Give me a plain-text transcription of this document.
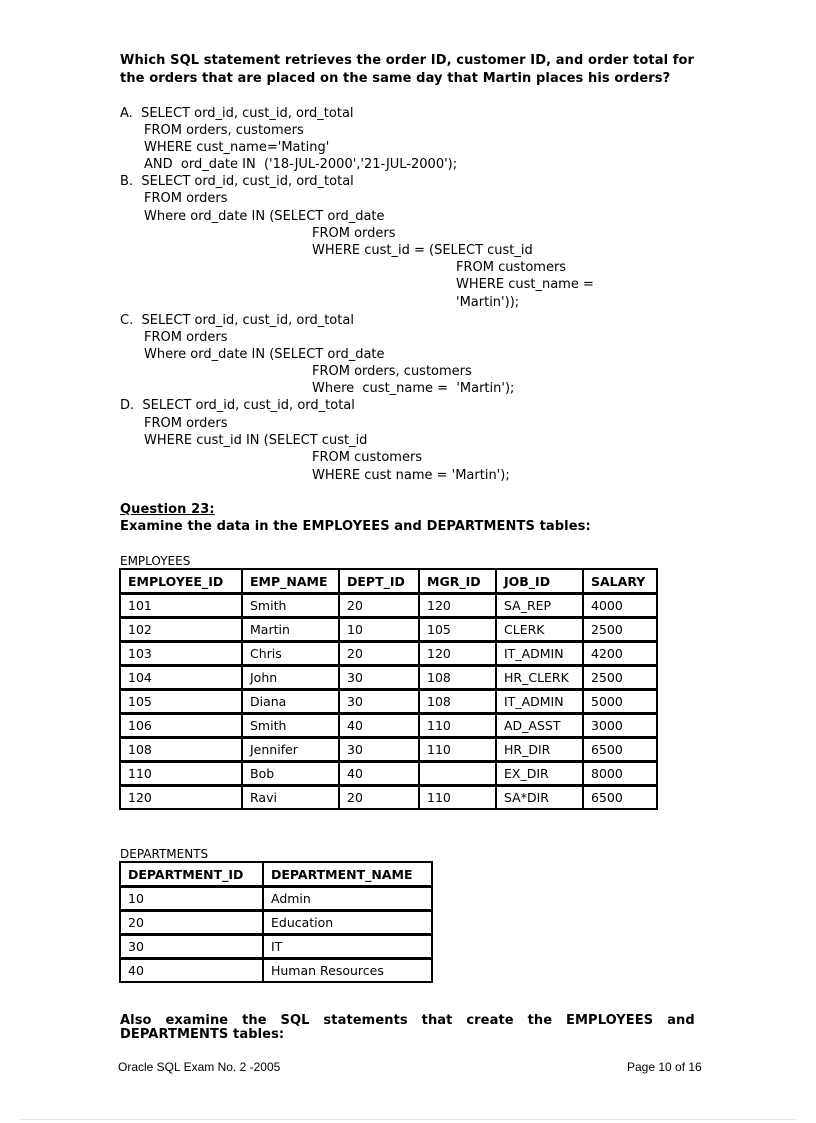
Which SQL statement retrieves the order ID, customer ID, and order total for
the orders that are placed on the same day that Martin places his orders?
A.  SELECT ord_id, cust_id, ord_total
FROM orders, customers
WHERE cust_name='Mating'
AND  ord_date IN  ('18-JUL-2000','21-JUL-2000');
B.  SELECT ord_id, cust_id, ord_total
FROM orders
Where ord_date IN (SELECT ord_date
FROM orders
WHERE cust_id = (SELECT cust_id
FROM customers
WHERE cust_name =
'Martin'));
C.  SELECT ord_id, cust_id, ord_total
FROM orders
Where ord_date IN (SELECT ord_date
FROM orders, customers
Where  cust_name =  'Martin');
D.  SELECT ord_id, cust_id, ord_total
FROM orders
WHERE cust_id IN (SELECT cust_id
FROM customers
WHERE cust name = 'Martin');
Question 23:
Examine the data in the EMPLOYEES and DEPARTMENTS tables:
EMPLOYEES
EMPLOYEE_ID	EMP_NAME	DEPT_ID	MGR_ID	JOB_ID	SALARY
101	Smith	20	120	SA_REP	4000
102	Martin	10	105	CLERK	2500
103	Chris	20	120	IT_ADMIN	4200
104	John	30	108	HR_CLERK	2500
105	Diana	30	108	IT_ADMIN	5000
106	Smith	40	110	AD_ASST	3000
108	Jennifer	30	110	HR_DIR	6500
110	Bob	40		EX_DIR	8000
120	Ravi	20	110	SA*DIR	6500
DEPARTMENTS
DEPARTMENT_ID	DEPARTMENT_NAME
10	Admin
20	Education
30	IT
40	Human Resources
Also   examine   the   SQL   statements   that   create   the   EMPLOYEES   and
DEPARTMENTS tables:
Oracle SQL Exam No. 2 -2005	Page 10 of 16
